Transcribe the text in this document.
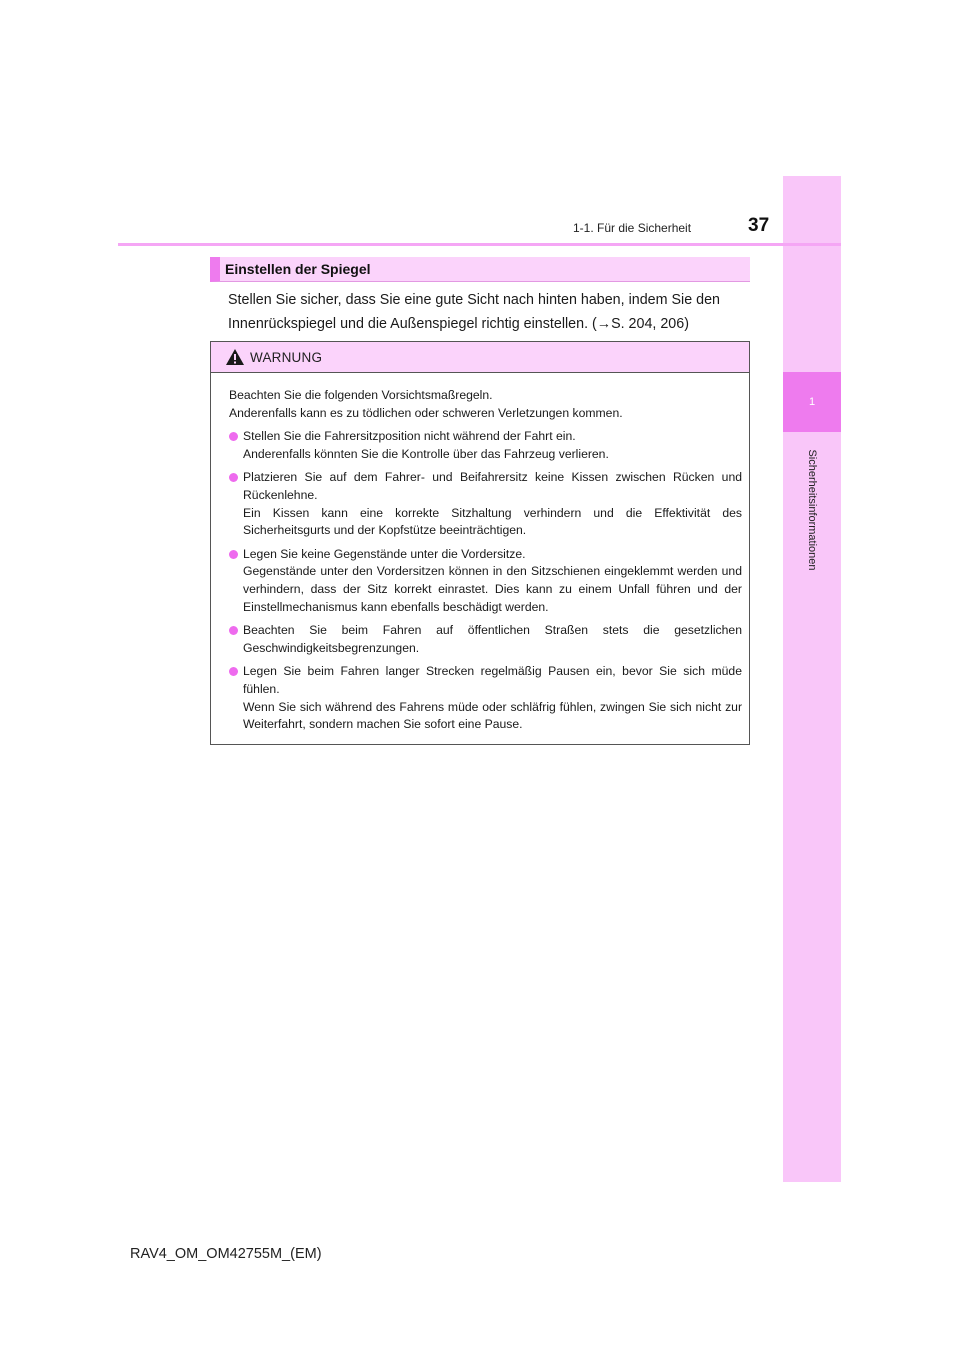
1
Sicherheitsinformationen
1-1. Für die Sicherheit	37
Einstellen der Spiegel
Stellen Sie sicher, dass Sie eine gute Sicht nach hinten haben, indem Sie den
Innenrückspiegel und die Außenspiegel richtig einstellen. (→S. 204, 206)
WARNUNG

Beachten Sie die folgenden Vorsichtsmaßregeln.

Anderenfalls kann es zu tödlichen oder schweren Verletzungen kommen.

Stellen Sie die Fahrersitzposition nicht während der Fahrt ein.

Anderenfalls könnten Sie die Kontrolle über das Fahrzeug verlieren.

Platzieren Sie auf dem Fahrer- und Beifahrersitz keine Kissen zwischen Rücken und Rückenlehne.

Ein Kissen kann eine korrekte Sitzhaltung verhindern und die Effektivität des Sicherheitsgurts und der Kopfstütze beeinträchtigen.

Legen Sie keine Gegenstände unter die Vordersitze.

Gegenstände unter den Vordersitzen können in den Sitzschienen eingeklemmt werden und verhindern, dass der Sitz korrekt einrastet. Dies kann zu einem Unfall führen und der Einstellmechanismus kann ebenfalls beschädigt werden.

Beachten Sie beim Fahren auf öffentlichen Straßen stets die gesetzlichen Geschwindigkeitsbegrenzungen.

Legen Sie beim Fahren langer Strecken regelmäßig Pausen ein, bevor Sie sich müde fühlen.

Wenn Sie sich während des Fahrens müde oder schläfrig fühlen, zwingen Sie sich nicht zur Weiterfahrt, sondern machen Sie sofort eine Pause.

RAV4_OM_OM42755M_(EM)
